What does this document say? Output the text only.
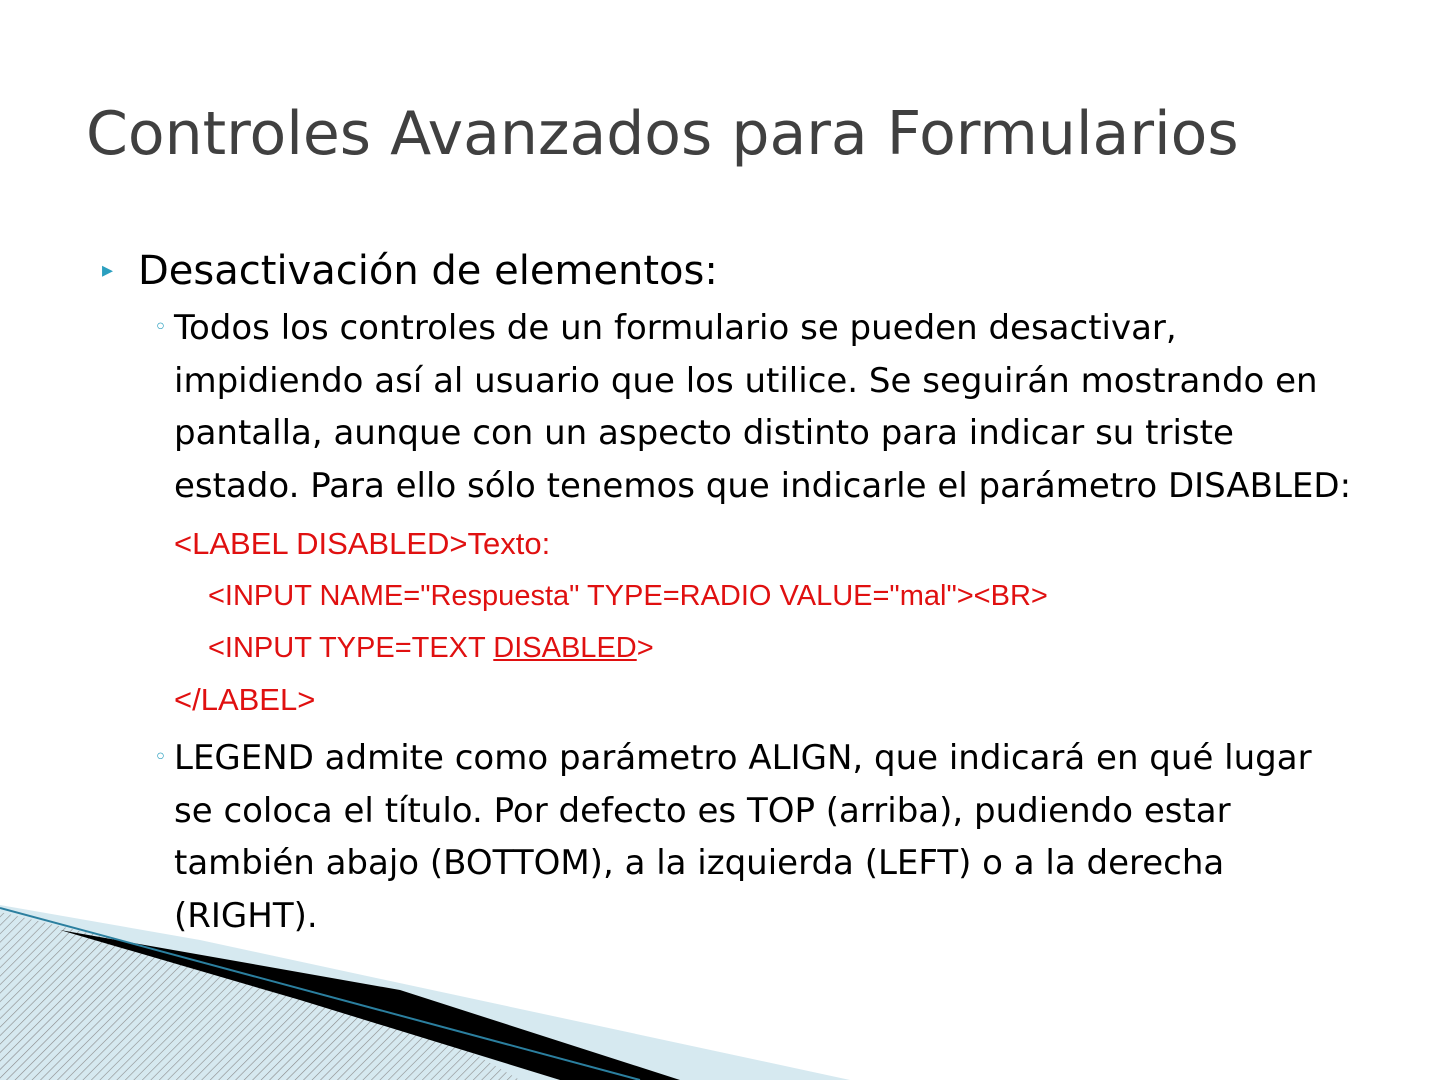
Controles Avanzados para Formularios
▸ Desactivación de elementos:
◦ Todos los controles de un formulario se pueden desactivar, impidiendo así al usuario que los utilice. Se seguirán mostrando en pantalla, aunque con un aspecto distinto para indicar su triste estado. Para ello sólo tenemos que indicarle el parámetro DISABLED:
<LABEL DISABLED>Texto:
<INPUT NAME="Respuesta" TYPE=RADIO VALUE="mal"><BR>
<INPUT TYPE=TEXT DISABLED>
</LABEL>
◦ LEGEND admite como parámetro ALIGN, que indicará en qué lugar se coloca el título. Por defecto es TOP (arriba), pudiendo estar también abajo (BOTTOM), a la izquierda (LEFT) o a la derecha (RIGHT).
